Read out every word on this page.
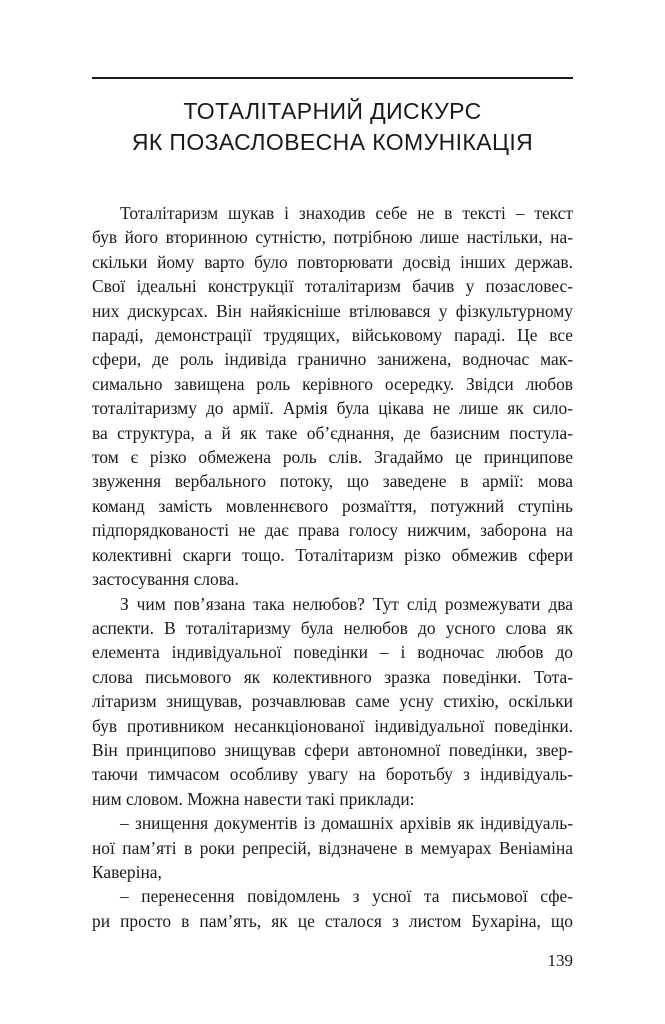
ТОТАЛІТАРНИЙ ДИСКУРС
ЯК ПОЗАСЛОВЕСНА КОМУНІКАЦІЯ

Тоталітаризм шукав і знаходив себе не в тексті – текст
був його вторинною сутністю, потрібною лише настільки, на-
скільки йому варто було повторювати досвід інших держав.
Свої ідеальні конструкції тоталітаризм бачив у позасловес-
них дискурсах. Він найякісніше втілювався у фізкультурному
параді, демонстрації трудящих, військовому параді. Це все
сфери, де роль індивіда гранично занижена, водночас мак-
симально завищена роль керівного осередку. Звідси любов
тоталітаризму до армії. Армія була цікава не лише як сило-
ва структура, а й як таке об’єднання, де базисним постула-
том є різко обмежена роль слів. Згадаймо це принципове
звуження вербального потоку, що заведене в армії: мова
команд замість мовленнєвого розмаїття, потужний ступінь
підпорядкованості не дає права голосу нижчим, заборона на
колективні скарги тощо. Тоталітаризм різко обмежив сфери
застосування слова.

З чим пов’язана така нелюбов? Тут слід розмежувати два
аспекти. В тоталітаризму була нелюбов до усного слова як
елемента індивідуальної поведінки – і водночас любов до
слова письмового як колективного зразка поведінки. Тота-
літаризм знищував, розчавлював саме усну стихію, оскільки
був противником несанкціонованої індивідуальної поведінки.
Він принципово знищував сфери автономної поведінки, звер-
таючи тимчасом особливу увагу на боротьбу з індивідуаль-
ним словом. Можна навести такі приклади:

– знищення документів із домашніх архівів як індивідуаль-
ної пам’яті в роки репресій, відзначене в мемуарах Веніаміна
Каверіна,

– перенесення повідомлень з усної та письмової сфе-
ри просто в пам’ять, як це сталося з листом Бухаріна, що

139
